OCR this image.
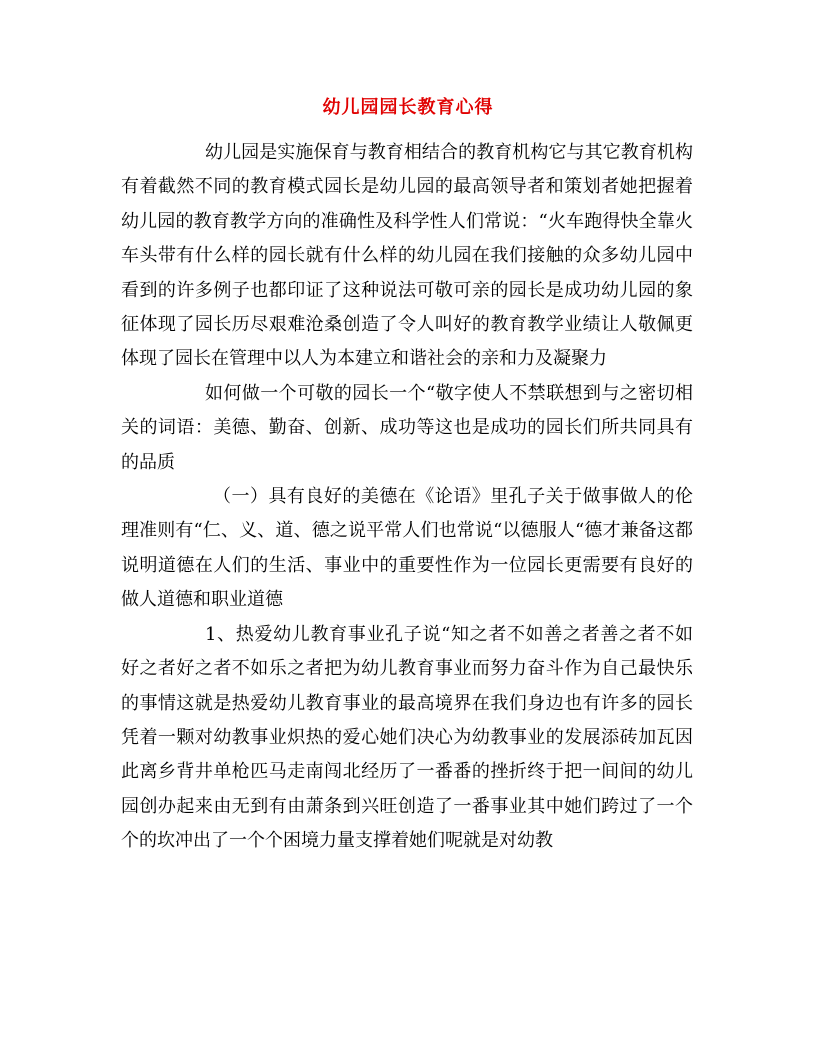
幼儿园园长教育心得

幼儿园是实施保育与教育相结合的教育机构它与其它教育机构有着截然不同的教育模式园长是幼儿园的最高领导者和策划者她把握着幼儿园的教育教学方向的准确性及科学性人们常说：“火车跑得快全靠火车头带有什么样的园长就有什么样的幼儿园在我们接触的众多幼儿园中看到的许多例子也都印证了这种说法可敬可亲的园长是成功幼儿园的象征体现了园长历尽艰难沧桑创造了令人叫好的教育教学业绩让人敬佩更体现了园长在管理中以人为本建立和谐社会的亲和力及凝聚力

如何做一个可敬的园长一个“敬字使人不禁联想到与之密切相关的词语：美德、勤奋、创新、成功等这也是成功的园长们所共同具有的品质

（一）具有良好的美德在《论语》里孔子关于做事做人的伦理准则有“仁、义、道、德之说平常人们也常说“以德服人“德才兼备这都说明道德在人们的生活、事业中的重要性作为一位园长更需要有良好的做人道德和职业道德

1、热爱幼儿教育事业孔子说“知之者不如善之者善之者不如好之者好之者不如乐之者把为幼儿教育事业而努力奋斗作为自己最快乐的事情这就是热爱幼儿教育事业的最高境界在我们身边也有许多的园长凭着一颗对幼教事业炽热的爱心她们决心为幼教事业的发展添砖加瓦因此离乡背井单枪匹马走南闯北经历了一番番的挫折终于把一间间的幼儿园创办起来由无到有由萧条到兴旺创造了一番事业其中她们跨过了一个个的坎冲出了一个个困境力量支撑着她们呢就是对幼教
